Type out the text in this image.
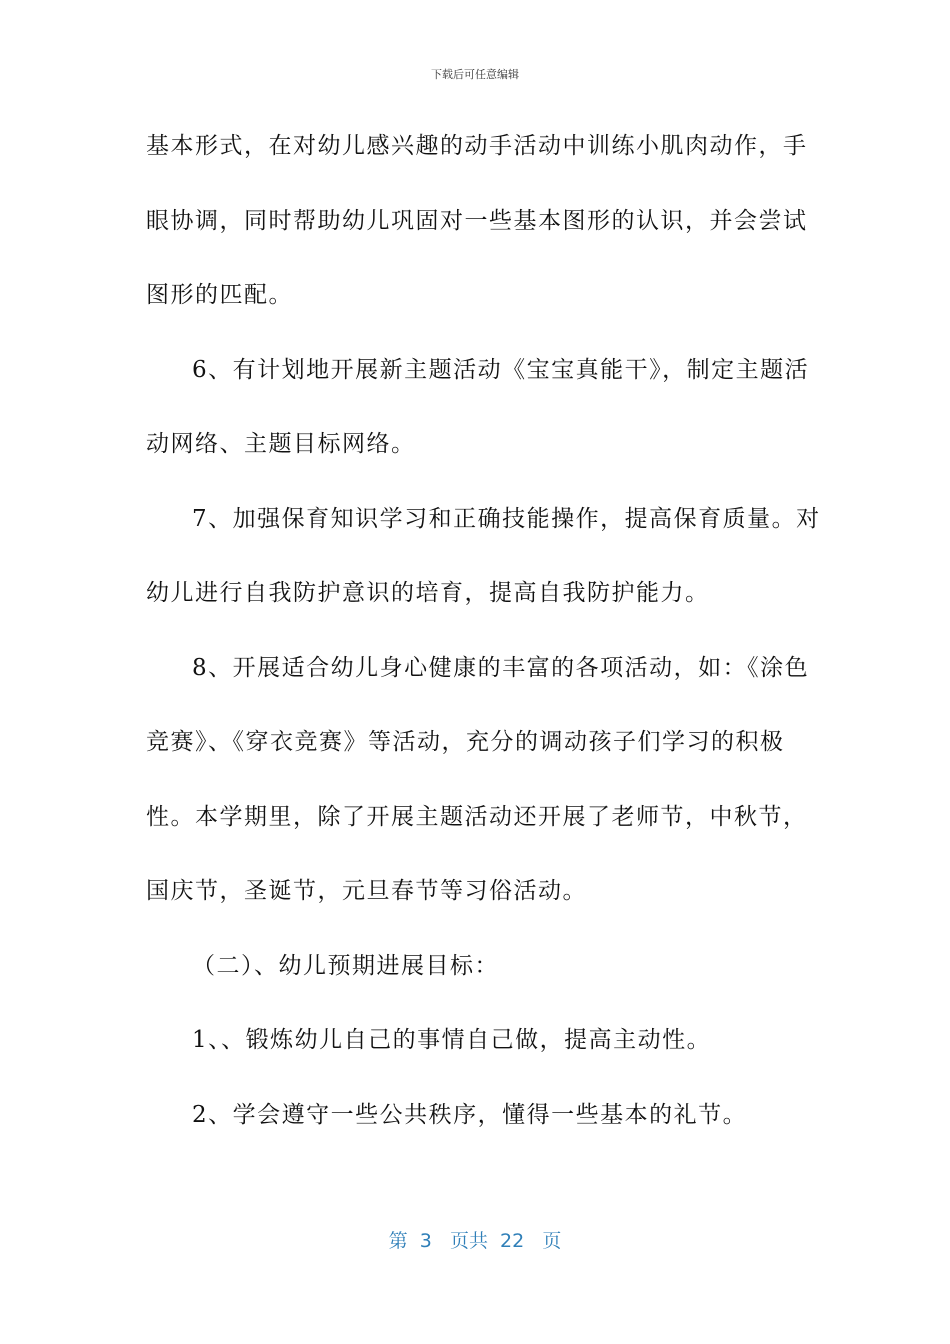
下载后可任意编辑
基本形式，在对幼儿感兴趣的动手活动中训练小肌肉动作，手
眼协调，同时帮助幼儿巩固对一些基本图形的认识，并会尝试
图形的匹配。
6、有计划地开展新主题活动《宝宝真能干》，制定主题活
动网络、主题目标网络。
7、加强保育知识学习和正确技能操作，提高保育质量。对
幼儿进行自我防护意识的培育，提高自我防护能力。
8、开展适合幼儿身心健康的丰富的各项活动，如：《涂色
竞赛》、《穿衣竞赛》等活动，充分的调动孩子们学习的积极
性。本学期里，除了开展主题活动还开展了老师节，中秋节，
国庆节，圣诞节，元旦春节等习俗活动。
（二）、幼儿预期进展目标：
1、、锻炼幼儿自己的事情自己做，提高主动性。
2、学会遵守一些公共秩序，懂得一些基本的礼节。
第 3 页共 22 页
